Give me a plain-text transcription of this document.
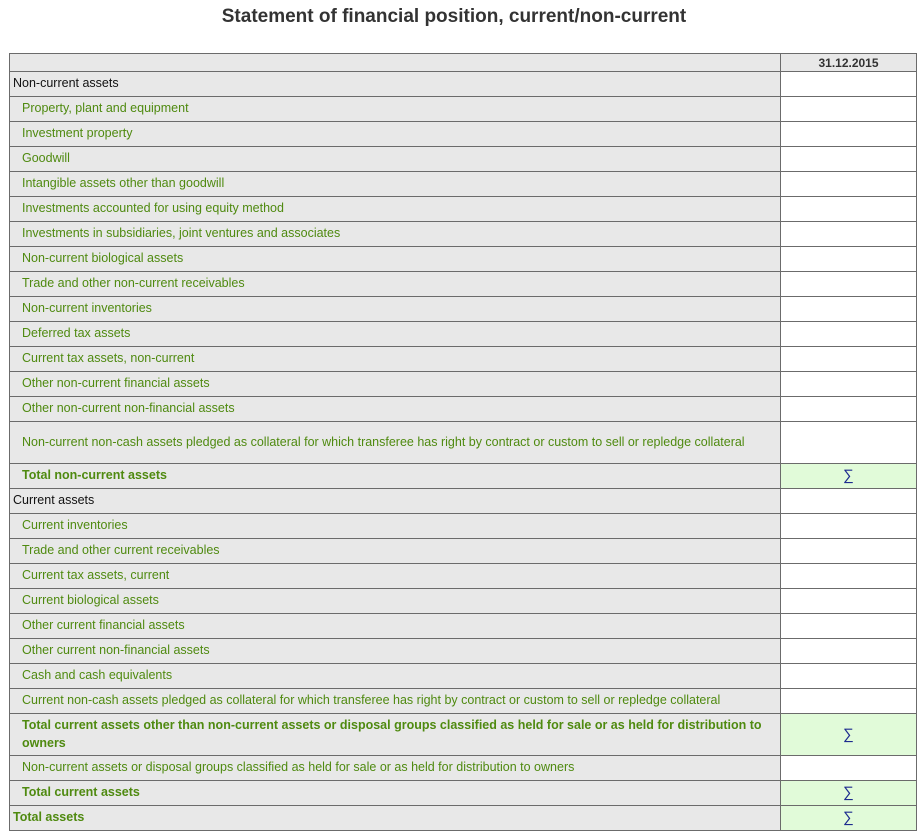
Statement of financial position, current/non-current
	31.12.2015
Non-current assets	
Property, plant and equipment	
Investment property	
Goodwill	
Intangible assets other than goodwill	
Investments accounted for using equity method	
Investments in subsidiaries, joint ventures and associates	
Non-current biological assets	
Trade and other non-current receivables	
Non-current inventories	
Deferred tax assets	
Current tax assets, non-current	
Other non-current financial assets	
Other non-current non-financial assets	
Non-current non-cash assets pledged as collateral for which transferee has right by contract or custom to sell or repledge collateral	
Total non-current assets	∑
Current assets	
Current inventories	
Trade and other current receivables	
Current tax assets, current	
Current biological assets	
Other current financial assets	
Other current non-financial assets	
Cash and cash equivalents	
Current non-cash assets pledged as collateral for which transferee has right by contract or custom to sell or repledge collateral	
Total current assets other than non-current assets or disposal groups classified as held for sale or as held for distribution to owners	∑
Non-current assets or disposal groups classified as held for sale or as held for distribution to owners	
Total current assets	∑
Total assets	∑
